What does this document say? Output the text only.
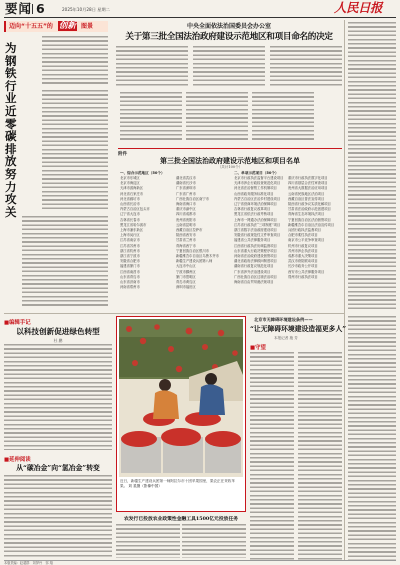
要闻 6	2025年10月28日 星期二	人民日报
迈向“十五五”的 创新 图景
为钢铁行业近零碳排放努力攻关
中央全面依法治国委员会办公室
关于第三批全国法治政府建设示范地区和项目命名的决定
附件
第三批全国法治政府建设示范地区和项目名单
（共计100个）
一、综合示范地区（50个）	二、单项示范项目（50个）
北京市东城区
北京市海淀区
天津市滨海新区
河北省石家庄市
河北省廊坊市
山西省长治市
内蒙古自治区包头市
辽宁省大连市
吉林省长春市
黑龙江省哈尔滨市
上海市浦东新区
上海市闵行区
江苏省南京市
江苏省苏州市
浙江省杭州市
浙江省宁波市
安徽省合肥市
福建省厦门市
江西省南昌市
山东省青岛市
山东省济南市
河南省郑州市
湖北省武汉市
湖南省长沙市
广东省深圳市
广东省广州市
广西壮族自治区南宁市
海南省海口市
重庆市渝中区
四川省成都市
贵州省贵阳市
云南省昆明市
西藏自治区拉萨市
陕西省西安市
甘肃省兰州市
青海省西宁市
宁夏回族自治区银川市
新疆维吾尔自治区乌鲁木齐市
新疆生产建设兵团第八师
大连市中山区
宁波市鄞州区
厦门市思明区
青岛市黄岛区
深圳市福田区
北京市行政执法监督平台建设项目
天津市涉企行政检查规范化项目
河北省法治督察工作机制项目
山西省政务服务标准化项目
内蒙古自治区法治乡村建设项目
辽宁省营商环境法治保障项目
吉林省行政复议改革项目
黑龙江省依法行政考核项目
上海市一网通办法治保障项目
江苏省行政执法“三项制度”项目
浙江省数字法治政府建设项目
安徽省行政规范性文件审查项目
福建省公共法律服务项目
江西省行政执法协调监督项目
山东省重大行政决策程序项目
河南省法治政府建设督察项目
湖北省政府法律顾问制度项目
湖南省行政复议规范化项目
广东省涉外法治建设项目
广西壮族自治区边境法治项目
海南省自由贸易港法规项目
重庆市行政执法数字化项目
四川省基层合法性审查项目
贵州省大数据法治应用项目
云南省民族地区法治项目
西藏自治区普法宣传项目
陕西省行政争议实质化解项目
甘肃省法治政府示范创建项目
青海省生态环境执法项目
宁夏回族自治区法治督察项目
新疆维吾尔自治区法治宣传项目
兵团行政执法监督项目
合肥市柔性执法项目
南京市公平竞争审查项目
杭州市行政复议项目
苏州市涉企执法项目
成都市重大决策项目
武汉市府院联动项目
长沙市政务公开项目
西安市公共法律服务项目
郑州市行政执法项目
■编辑手记
以科技创新促进绿色转型
杜 鹏
■延伸阅读
从“碳冶金”向“氢冶金”转变
近日，新疆生产建设兵团第一师阿拉尔市十团苹果园里，果农正在采收苹果。 刘 星摄（影像中国）
农发行已投放农业政策性金融工具1500亿元投放任务
北京市无障碍环境建设条例——
“让无障碍环境建设造福更多人”
本报记者 施 芳
■守望
本版责编：赵超群　刘梦丹　邹 翔
